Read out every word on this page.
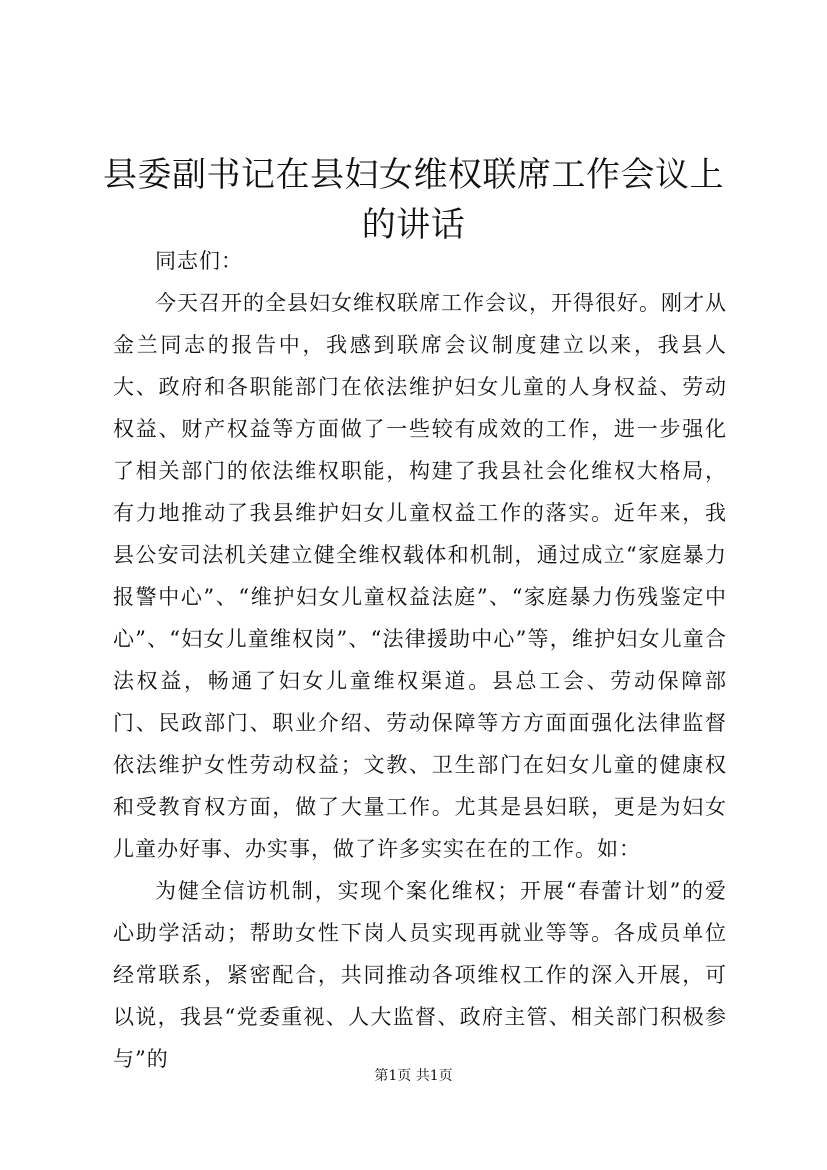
县委副书记在县妇女维权联席工作会议上的讲话

同志们：

今天召开的全县妇女维权联席工作会议，开得很好。刚才从金兰同志的报告中，我感到联席会议制度建立以来，我县人大、政府和各职能部门在依法维护妇女儿童的人身权益、劳动权益、财产权益等方面做了一些较有成效的工作，进一步强化了相关部门的依法维权职能，构建了我县社会化维权大格局，有力地推动了我县维护妇女儿童权益工作的落实。近年来，我县公安司法机关建立健全维权载体和机制，通过成立“家庭暴力报警中心”、“维护妇女儿童权益法庭”、“家庭暴力伤残鉴定中心”、“妇女儿童维权岗”、“法律援助中心”等，维护妇女儿童合法权益，畅通了妇女儿童维权渠道。县总工会、劳动保障部门、民政部门、职业介绍、劳动保障等方方面面强化法律监督依法维护女性劳动权益；文教、卫生部门在妇女儿童的健康权和受教育权方面，做了大量工作。尤其是县妇联，更是为妇女儿童办好事、办实事，做了许多实实在在的工作。如：

为健全信访机制，实现个案化维权；开展“春蕾计划”的爱心助学活动；帮助女性下岗人员实现再就业等等。各成员单位经常联系，紧密配合，共同推动各项维权工作的深入开展，可以说，我县“党委重视、人大监督、政府主管、相关部门积极参与”的

第1页 共1页
